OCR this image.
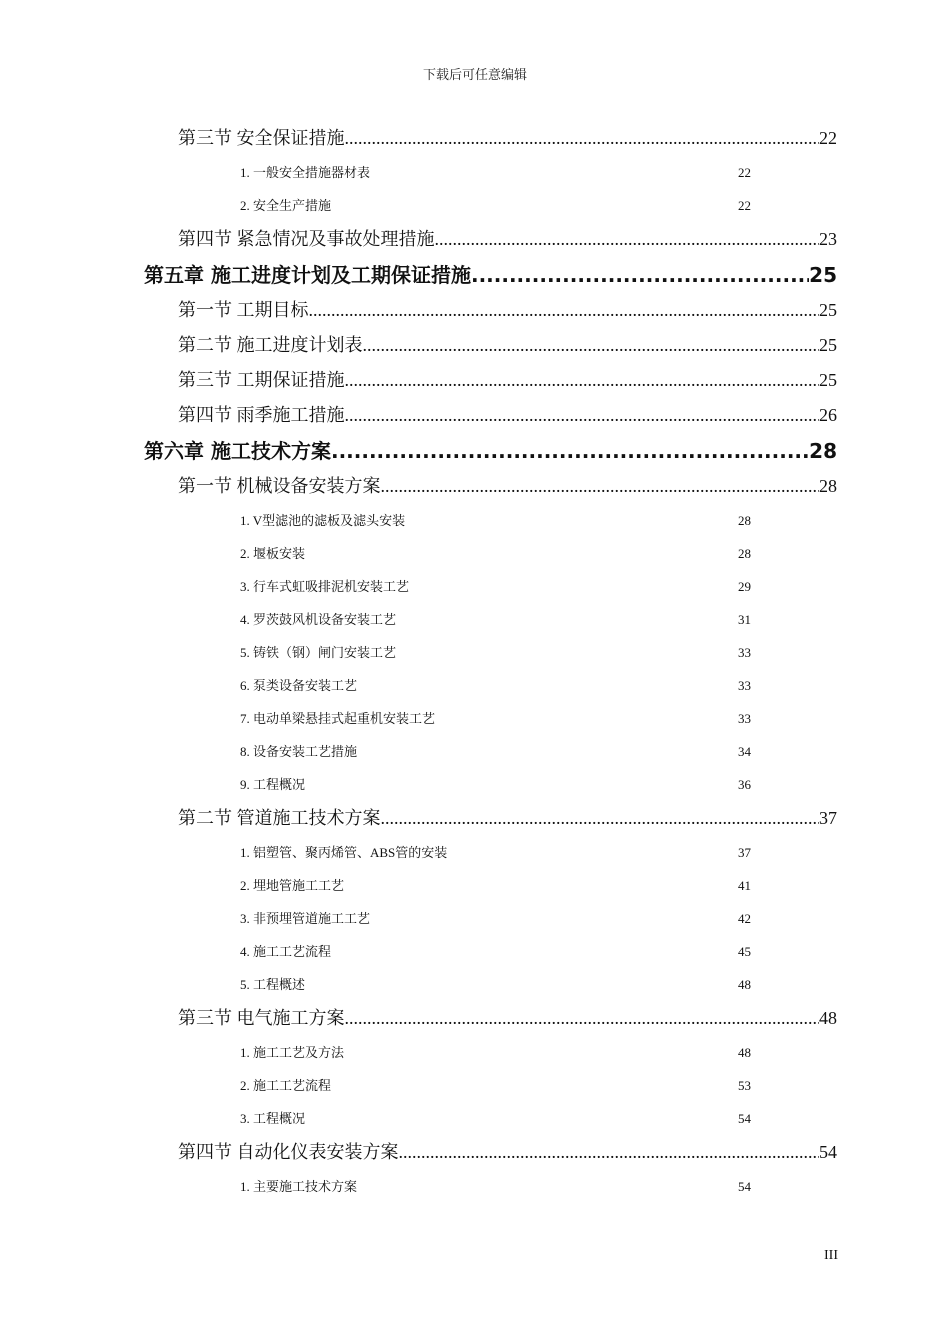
下载后可任意编辑
第三节 安全保证措施 .....	22
1. 一般安全措施器材表	22
2. 安全生产措施	22
第四节 紧急情况及事故处理措施 .....	23
第五章 施工进度计划及工期保证措施 .....	25
第一节 工期目标 .....	25
第二节 施工进度计划表 .....	25
第三节 工期保证措施 .....	25
第四节 雨季施工措施 .....	26
第六章 施工技术方案 .....	28
第一节 机械设备安装方案 .....	28
1. V型滤池的滤板及滤头安装	28
2. 堰板安装	28
3. 行车式虹吸排泥机安装工艺	29
4. 罗茨鼓风机设备安装工艺	31
5. 铸铁（钢）闸门安装工艺	33
6. 泵类设备安装工艺	33
7. 电动单梁悬挂式起重机安装工艺	33
8. 设备安装工艺措施	34
9. 工程概况	36
第二节 管道施工技术方案 .....	37
1. 铝塑管、聚丙烯管、ABS管的安装	37
2. 埋地管施工工艺	41
3. 非预埋管道施工工艺	42
4. 施工工艺流程	45
5. 工程概述	48
第三节 电气施工方案 .....	48
1. 施工工艺及方法	48
2. 施工工艺流程	53
3. 工程概况	54
第四节 自动化仪表安装方案 .....	54
1. 主要施工技术方案	54
III
